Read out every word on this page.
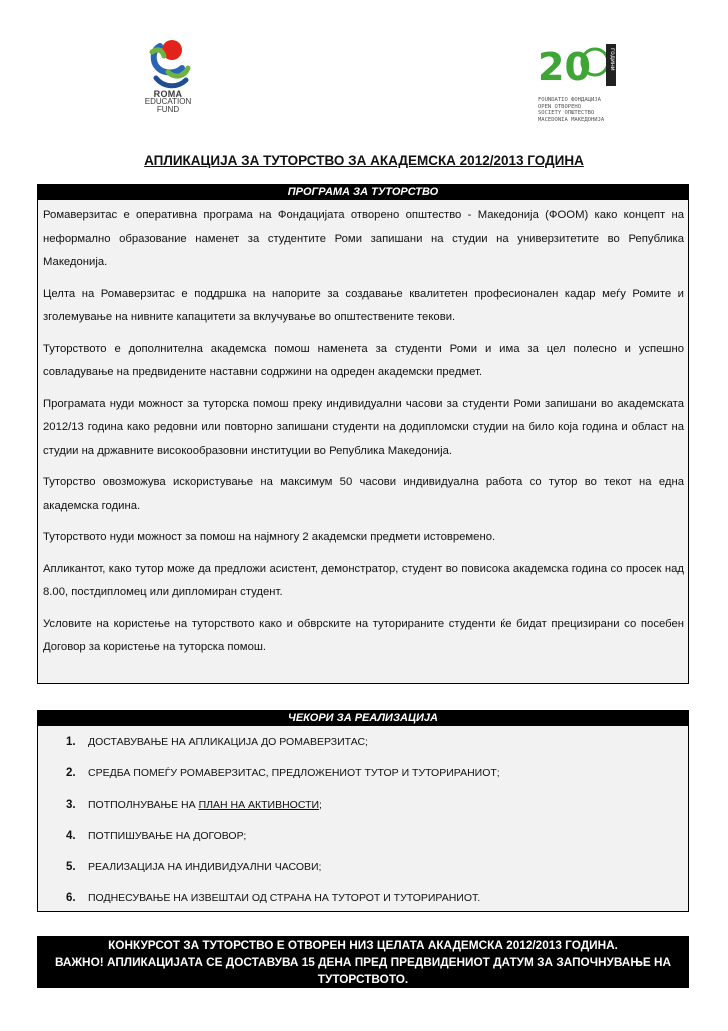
ROMA
EDUCATION
FUND
20	години
FOUNDATIO ФОНДАЦИЈА
OPEN ОТВОРЕНО
SOCIETY ОПШТЕСТВО
MACEDONIA МАКЕДОНИЈА
АПЛИКАЦИЈА ЗА ТУТОРСТВО ЗА АКАДЕМСКА 2012/2013 ГОДИНА
ПРОГРАМА ЗА ТУТОРСТВО

Ромаверзитас е оперативна програма на Фондацијата отворено општество - Македонија (ФООМ) како концепт на неформално образование наменет за студентите Роми запишани на студии на универзитетите во Република Македонија.

Целта на Ромаверзитас е поддршка на напорите за создавање квалитетен професионален кадар меѓу Ромите и зголемување на нивните капацитети за вклучување во општествените текови.

Туторството е дополнителна академска помош наменета за студенти Роми и има за цел полесно и успешно совладување на предвидените наставни содржини на одреден академски предмет.

Програмата нуди можност за туторска помош преку индивидуални часови за студенти Роми запишани во академската 2012/13 година како редовни или повторно запишани студенти на додипломски студии на било која година и област на студии на државните високообразовни институции во Република Македонија.

Туторство овозможува искористување на максимум 50 часови индивидуална работа со тутор во текот на една академска година.

Туторството нуди можност за помош на најмногу 2 академски предмети истовремено.

Апликантот, како тутор може да предложи асистент, демонстратор, студент во повисока академска година со просек над 8.00, постдипломец или дипломиран студент.

Условите на користење на туторството како и обврските на туторираните студенти ќе бидат прецизирани со посебен Договор за користење на туторска помош.

ЧЕКОРИ ЗА РЕАЛИЗАЦИЈА
1. ДОСТАВУВАЊЕ НА АПЛИКАЦИЈА ДО РОМАВЕРЗИТАС;
2. СРЕДБА ПОМЕЃУ РОМАВЕРЗИТАС, ПРЕДЛОЖЕНИОТ ТУТОР И ТУТОРИРАНИОТ;
3. ПОТПОЛНУВАЊЕ НА ПЛАН НА АКТИВНОСТИ;
4. ПОТПИШУВАЊЕ НА ДОГОВОР;
5. РЕАЛИЗАЦИЈА НА ИНДИВИДУАЛНИ ЧАСОВИ;
6. ПОДНЕСУВАЊЕ НА ИЗВЕШТАИ ОД СТРАНА НА ТУТОРОТ И ТУТОРИРАНИОТ.
КОНКУРСОТ ЗА ТУТОРСТВО Е ОТВОРЕН НИЗ ЦЕЛАТА АКАДЕМСКА 2012/2013 ГОДИНА.
ВАЖНО! АПЛИКАЦИЈАТА СЕ ДОСТАВУВА 15 ДЕНА ПРЕД ПРЕДВИДЕНИОТ ДАТУМ ЗА ЗАПОЧНУВАЊЕ НА ТУТОРСТВОТО.
